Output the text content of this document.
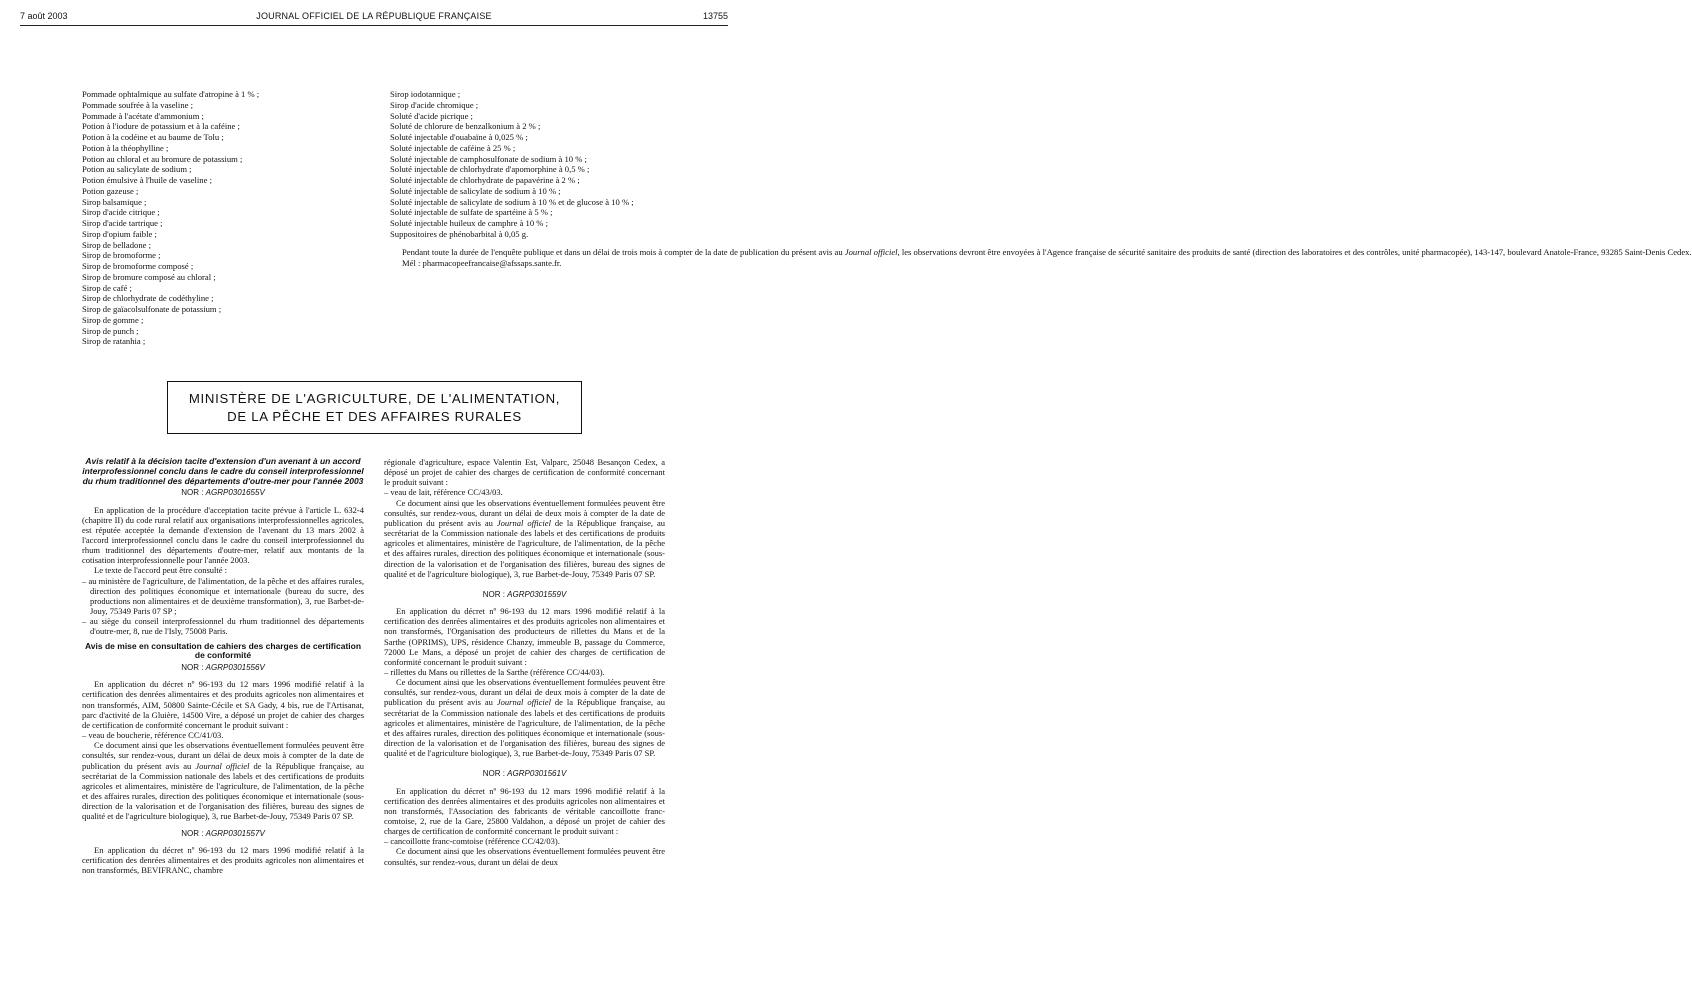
7 août 2003	JOURNAL OFFICIEL DE LA RÉPUBLIQUE FRANÇAISE	13755
Pommade ophtalmique au sulfate d'atropine à 1 % ;
Pommade soufrée à la vaseline ;
Pommade à l'acétate d'ammonium ;
Potion à l'iodure de potassium et à la caféine ;
Potion à la codéine et au baume de Tolu ;
Potion à la théophylline ;
Potion au chloral et au bromure de potassium ;
Potion au salicylate de sodium ;
Potion émulsive à l'huile de vaseline ;
Potion gazeuse ;
Sirop balsamique ;
Sirop d'acide citrique ;
Sirop d'acide tartrique ;
Sirop d'opium faible ;
Sirop de belladone ;
Sirop de bromoforme ;
Sirop de bromoforme composé ;
Sirop de bromure composé au chloral ;
Sirop de café ;
Sirop de chlorhydrate de codéthyline ;
Sirop de gaïacolsulfonate de potassium ;
Sirop de gomme ;
Sirop de punch ;
Sirop de ratanhia ;
Sirop iodotannique ;
Sirop d'acide chromique ;
Soluté d'acide picrique ;
Soluté de chlorure de benzalkonium à 2 % ;
Soluté injectable d'ouabaïne à 0,025 % ;
Soluté injectable de caféine à 25 % ;
Soluté injectable de camphosulfonate de sodium à 10 % ;
Soluté injectable de chlorhydrate d'apomorphine à 0,5 % ;
Soluté injectable de chlorhydrate de papavérine à 2 % ;
Soluté injectable de salicylate de sodium à 10 % ;
Soluté injectable de salicylate de sodium à 10 % et de glucose à 10 % ;
Soluté injectable de sulfate de spartéine à 5 % ;
Soluté injectable huileux de camphre à 10 % ;
Suppositoires de phénobarbital à 0,05 g.
Pendant toute la durée de l'enquête publique et dans un délai de trois mois à compter de la date de publication du présent avis au Journal officiel, les observations devront être envoyées à l'Agence française de sécurité sanitaire des produits de santé (direction des laboratoires et des contrôles, unité pharmacopée), 143-147, boulevard Anatole-France, 93285 Saint-Denis Cedex.
Mél : pharmacopeefrancaise@afssaps.sante.fr.
MINISTÈRE DE L'AGRICULTURE, DE L'ALIMENTATION,
DE LA PÊCHE ET DES AFFAIRES RURALES
Avis relatif à la décision tacite d'extension d'un avenant à un accord interprofessionnel conclu dans le cadre du conseil interprofessionnel du rhum traditionnel des départements d'outre-mer pour l'année 2003
NOR : AGRP0301655V
En application de la procédure d'acceptation tacite prévue à l'article L. 632-4 (chapitre II) du code rural relatif aux organisations interprofessionnelles agricoles, est réputée acceptée la demande d'extension de l'avenant du 13 mars 2002 à l'accord interprofessionnel conclu dans le cadre du conseil interprofessionnel du rhum traditionnel des départements d'outre-mer, relatif aux montants de la cotisation interprofessionnelle pour l'année 2003.
Le texte de l'accord peut être consulté :
– au ministère de l'agriculture, de l'alimentation, de la pêche et des affaires rurales, direction des politiques économique et internationale (bureau du sucre, des productions non alimentaires et de deuxième transformation), 3, rue Barbet-de-Jouy, 75349 Paris 07 SP ;
– au siège du conseil interprofessionnel du rhum traditionnel des départements d'outre-mer, 8, rue de l'Isly, 75008 Paris.
Avis de mise en consultation de cahiers des charges de certification de conformité
NOR : AGRP0301556V
En application du décret nº 96-193 du 12 mars 1996 modifié relatif à la certification des denrées alimentaires et des produits agricoles non alimentaires et non transformés, AIM, 50800 Sainte-Cécile et SA Gady, 4 bis, rue de l'Artisanat, parc d'activité de la Gluière, 14500 Vire, a déposé un projet de cahier des charges de certification de conformité concernant le produit suivant :
– veau de boucherie, référence CC/41/03.
Ce document ainsi que les observations éventuellement formulées peuvent être consultés, sur rendez-vous, durant un délai de deux mois à compter de la date de publication du présent avis au Journal officiel de la République française, au secrétariat de la Commission nationale des labels et des certifications de produits agricoles et alimentaires, ministère de l'agriculture, de l'alimentation, de la pêche et des affaires rurales, direction des politiques économique et internationale (sous-direction de la valorisation et de l'organisation des filières, bureau des signes de qualité et de l'agriculture biologique), 3, rue Barbet-de-Jouy, 75349 Paris 07 SP.
NOR : AGRP0301557V
En application du décret nº 96-193 du 12 mars 1996 modifié relatif à la certification des denrées alimentaires et des produits agricoles non alimentaires et non transformés, BEVIFRANC, chambre
régionale d'agriculture, espace Valentin Est, Valparc, 25048 Besançon Cedex, a déposé un projet de cahier des charges de certification de conformité concernant le produit suivant :
– veau de lait, référence CC/43/03.
Ce document ainsi que les observations éventuellement formulées peuvent être consultés, sur rendez-vous, durant un délai de deux mois à compter de la date de publication du présent avis au Journal officiel de la République française, au secrétariat de la Commission nationale des labels et des certifications de produits agricoles et alimentaires, ministère de l'agriculture, de l'alimentation, de la pêche et des affaires rurales, direction des politiques économique et internationale (sous-direction de la valorisation et de l'organisation des filières, bureau des signes de qualité et de l'agriculture biologique), 3, rue Barbet-de-Jouy, 75349 Paris 07 SP.
NOR : AGRP0301559V
En application du décret nº 96-193 du 12 mars 1996 modifié relatif à la certification des denrées alimentaires et des produits agricoles non alimentaires et non transformés, l'Organisation des producteurs de rillettes du Mans et de la Sarthe (OPRIMS), UPS, résidence Chanzy, immeuble B, passage du Commerce, 72000 Le Mans, a déposé un projet de cahier des charges de certification de conformité concernant le produit suivant :
– rillettes du Mans ou rillettes de la Sarthe (référence CC/44/03).
Ce document ainsi que les observations éventuellement formulées peuvent être consultés, sur rendez-vous, durant un délai de deux mois à compter de la date de publication du présent avis au Journal officiel de la République française, au secrétariat de la Commission nationale des labels et des certifications de produits agricoles et alimentaires, ministère de l'agriculture, de l'alimentation, de la pêche et des affaires rurales, direction des politiques économique et internationale (sous-direction de la valorisation et de l'organisation des filières, bureau des signes de qualité et de l'agriculture biologique), 3, rue Barbet-de-Jouy, 75349 Paris 07 SP.
NOR : AGRP0301561V
En application du décret nº 96-193 du 12 mars 1996 modifié relatif à la certification des denrées alimentaires et des produits agricoles non alimentaires et non transformés, l'Association des fabricants de véritable cancoillotte franc-comtoise, 2, rue de la Gare, 25800 Valdahon, a déposé un projet de cahier des charges de certification de conformité concernant le produit suivant :
– cancoillotte franc-comtoise (référence CC/42/03).
Ce document ainsi que les observations éventuellement formulées peuvent être consultés, sur rendez-vous, durant un délai de deux
